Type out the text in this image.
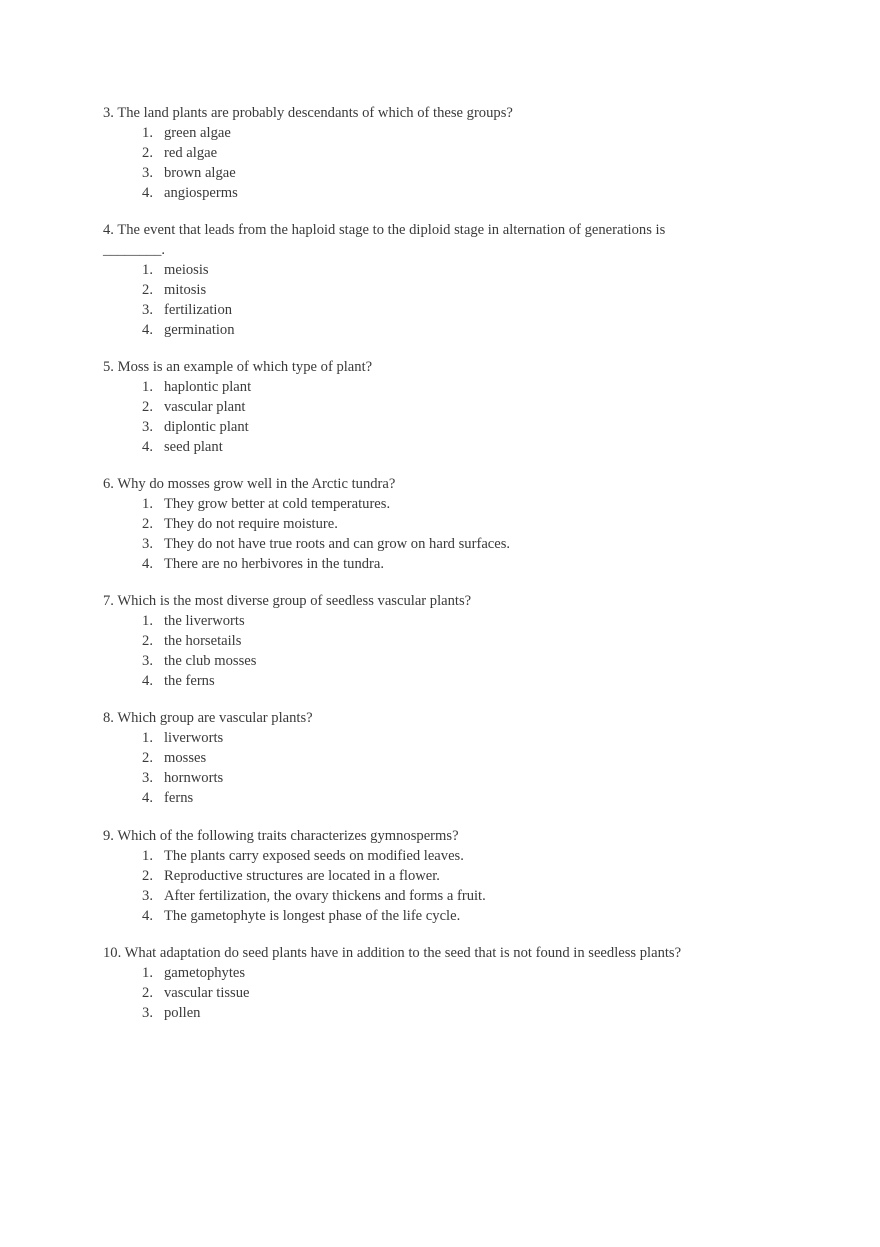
3. The land plants are probably descendants of which of these groups?

1. green algae
2. red algae
3. brown algae
4. angiosperms

4. The event that leads from the haploid stage to the diploid stage in alternation of generations is
________.

1. meiosis
2. mitosis
3. fertilization
4. germination

5. Moss is an example of which type of plant?

1. haplontic plant
2. vascular plant
3. diplontic plant
4. seed plant

6. Why do mosses grow well in the Arctic tundra?

1. They grow better at cold temperatures.
2. They do not require moisture.
3. They do not have true roots and can grow on hard surfaces.
4. There are no herbivores in the tundra.

7. Which is the most diverse group of seedless vascular plants?

1. the liverworts
2. the horsetails
3. the club mosses
4. the ferns

8. Which group are vascular plants?

1. liverworts
2. mosses
3. hornworts
4. ferns

9. Which of the following traits characterizes gymnosperms?

1. The plants carry exposed seeds on modified leaves.
2. Reproductive structures are located in a flower.
3. After fertilization, the ovary thickens and forms a fruit.
4. The gametophyte is longest phase of the life cycle.

10. What adaptation do seed plants have in addition to the seed that is not found in seedless plants?

1. gametophytes
2. vascular tissue
3. pollen
